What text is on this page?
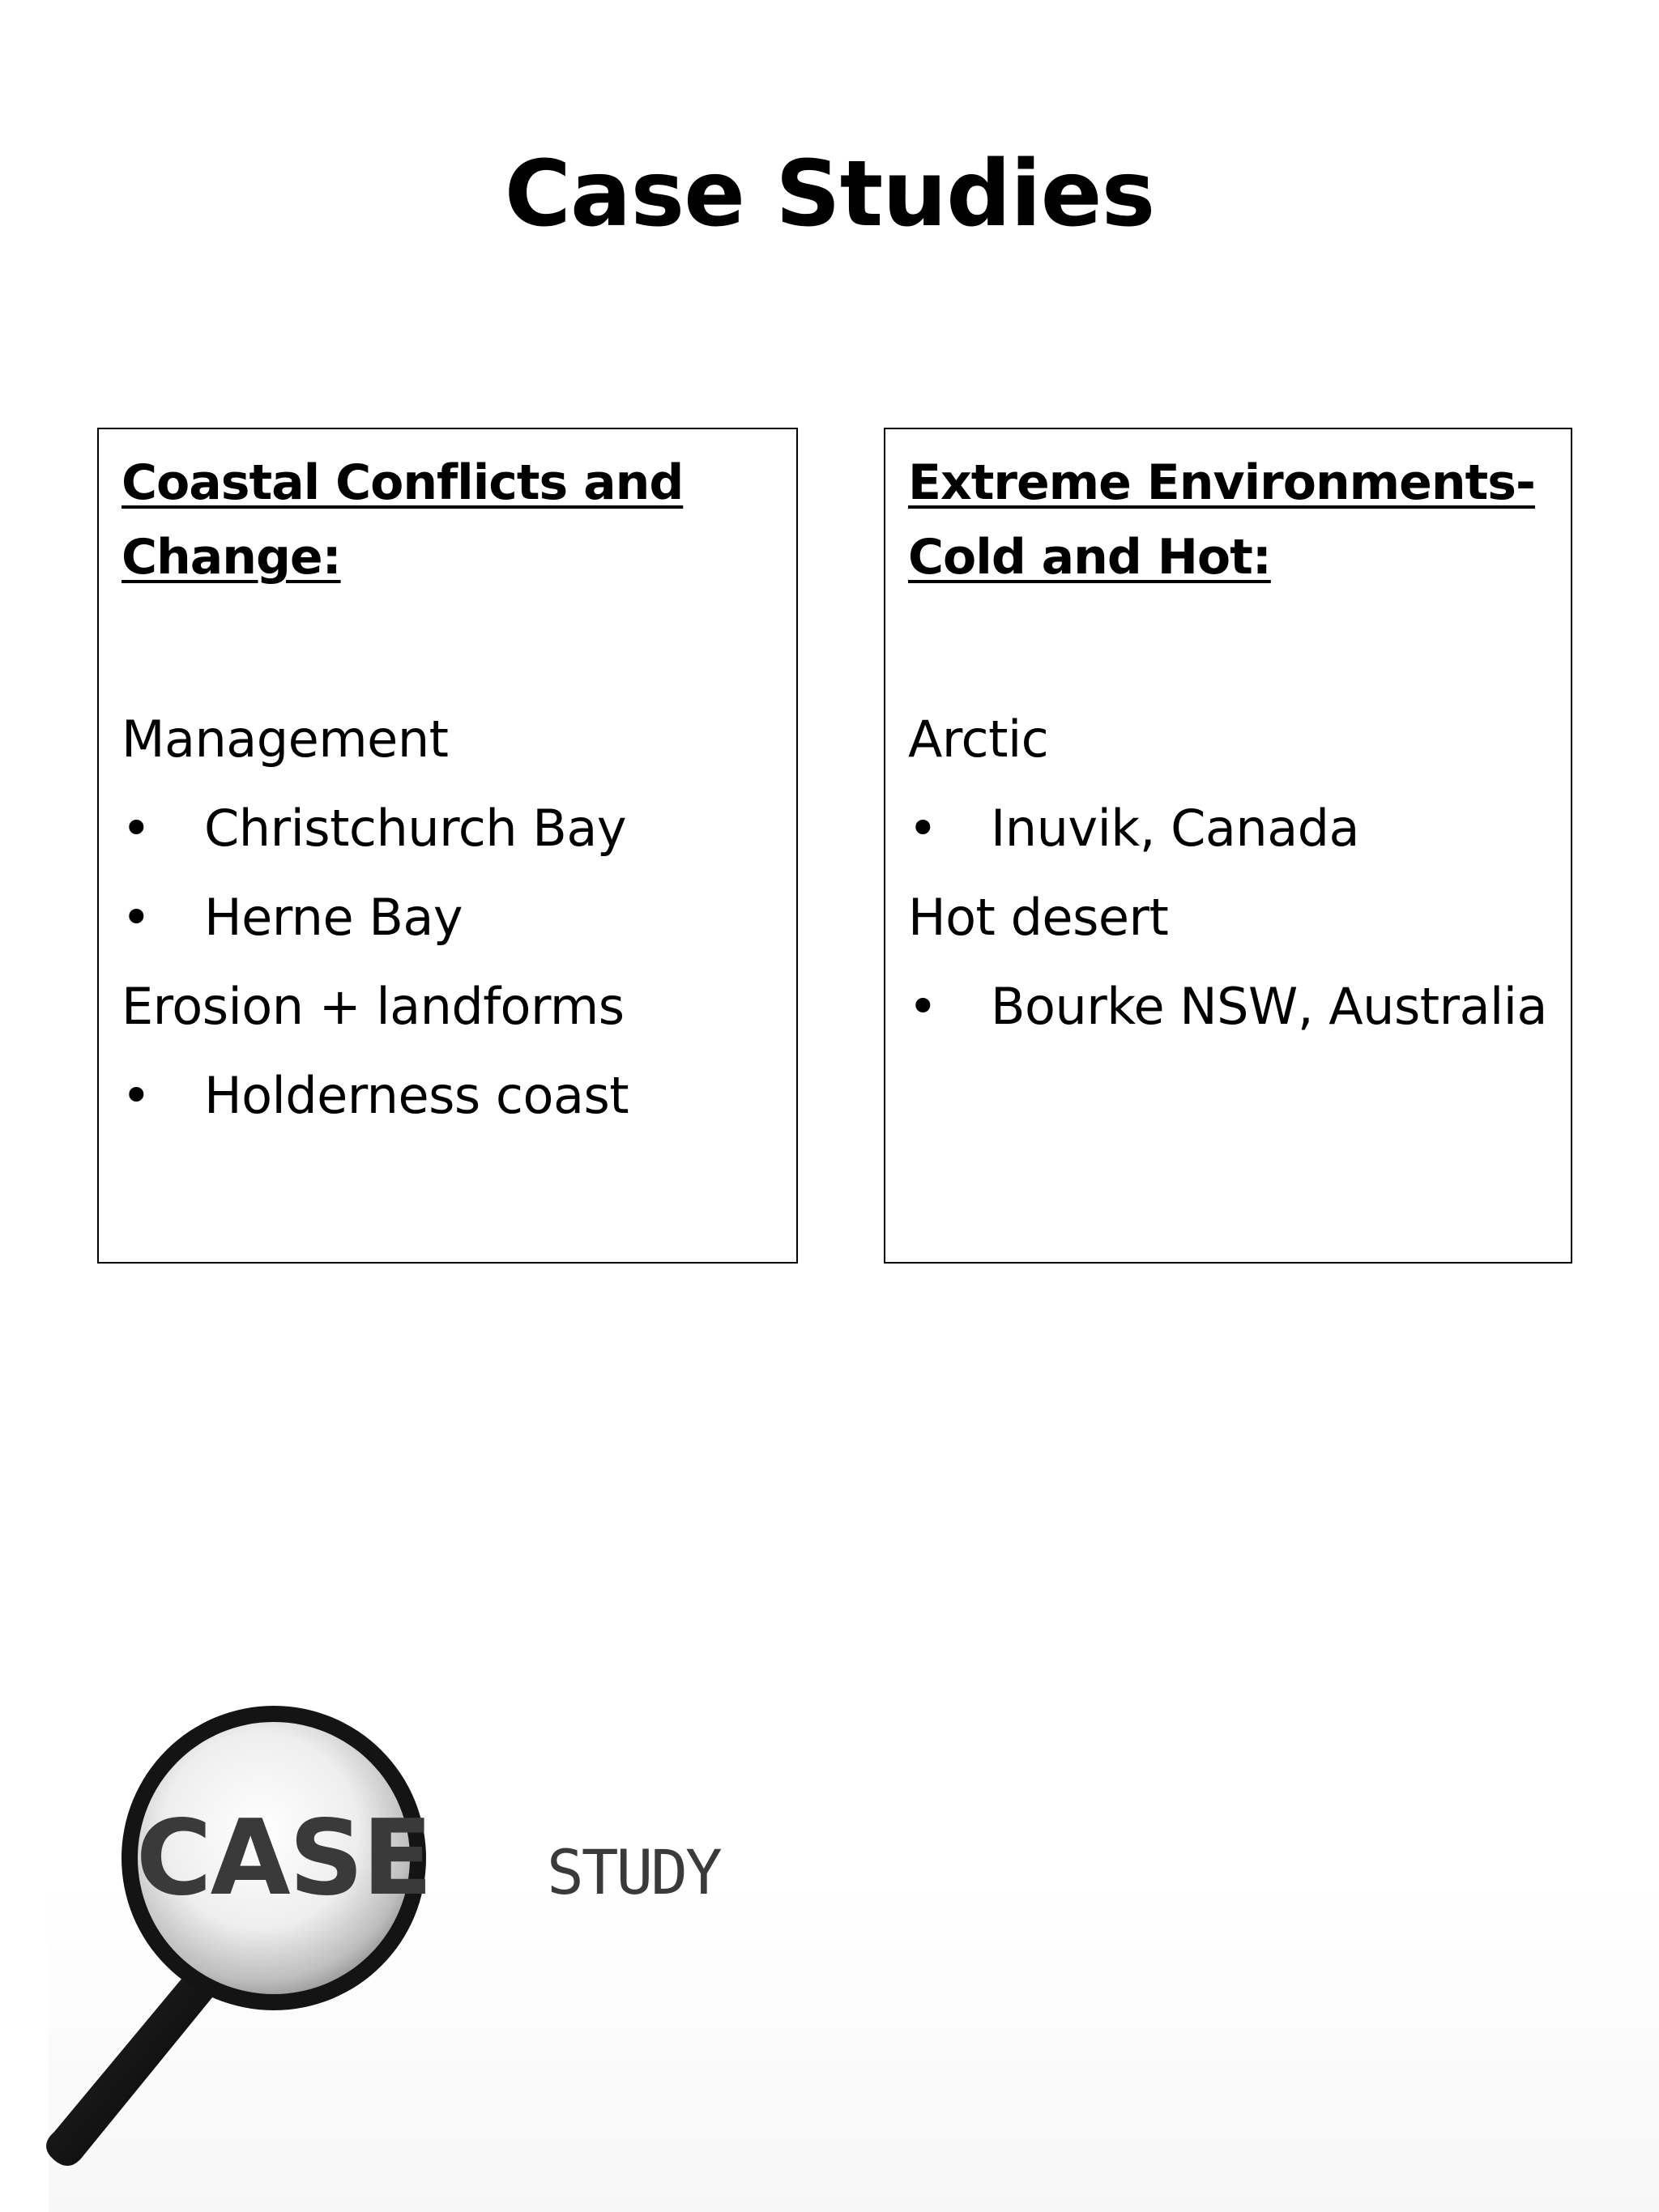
Case Studies
Coastal Conflicts and
Change:
Management
• Christchurch Bay
• Herne Bay
Erosion + landforms
• Holderness coast
Extreme Environments-
Cold and Hot:
Arctic
• Inuvik, Canada
Hot desert
• Bourke NSW, Australia
CASE STUDY
